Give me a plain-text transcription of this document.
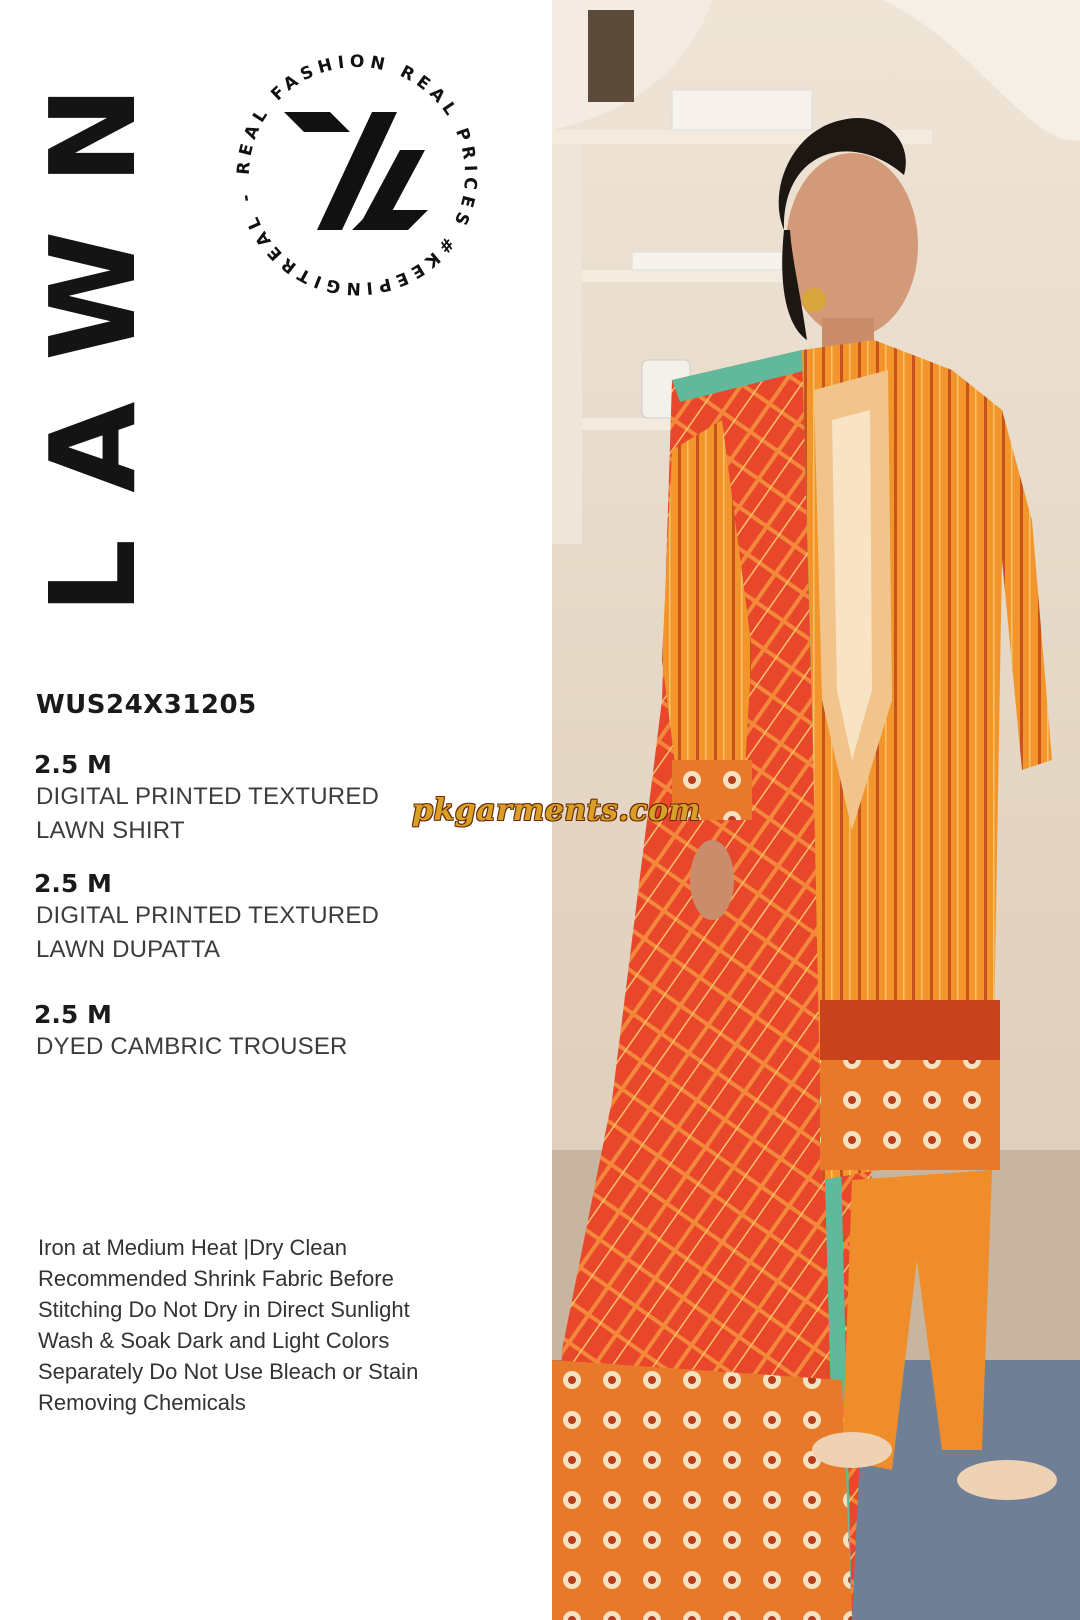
LAWN	REAL FASHION REAL PRICES #KEEPINGITREAL -
WUS24X31205
2.5 M
DIGITAL PRINTED TEXTURED
LAWN SHIRT
2.5 M
DIGITAL PRINTED TEXTURED
LAWN DUPATTA
2.5 M
DYED CAMBRIC TROUSER
Iron at Medium Heat |Dry Clean
Recommended Shrink Fabric Before
Stitching Do Not Dry in Direct Sunlight
Wash & Soak Dark and Light Colors
Separately Do Not Use Bleach or Stain
Removing Chemicals
pkgarments.com
